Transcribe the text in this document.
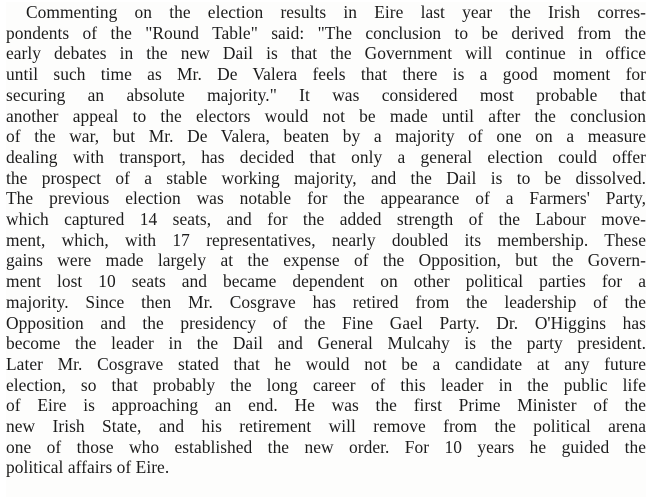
Commenting on the election results in Eire last year the Irish corres-
pondents of the "Round Table" said: "The conclusion to be derived from the
early debates in the new Dail is that the Government will continue in office
until such time as Mr. De Valera feels that there is a good moment for
securing an absolute majority." It was considered most probable that
another appeal to the electors would not be made until after the conclusion
of the war, but Mr. De Valera, beaten by a majority of one on a measure
dealing with transport, has decided that only a general election could offer
the prospect of a stable working majority, and the Dail is to be dissolved.
The previous election was notable for the appearance of a Farmers' Party,
which captured 14 seats, and for the added strength of the Labour move-
ment, which, with 17 representatives, nearly doubled its membership. These
gains were made largely at the expense of the Opposition, but the Govern-
ment lost 10 seats and became dependent on other political parties for a
majority. Since then Mr. Cosgrave has retired from the leadership of the
Opposition and the presidency of the Fine Gael Party. Dr. O'Higgins has
become the leader in the Dail and General Mulcahy is the party president.
Later Mr. Cosgrave stated that he would not be a candidate at any future
election, so that probably the long career of this leader in the public life
of Eire is approaching an end. He was the first Prime Minister of the
new Irish State, and his retirement will remove from the political arena
one of those who established the new order. For 10 years he guided the
political affairs of Eire.
